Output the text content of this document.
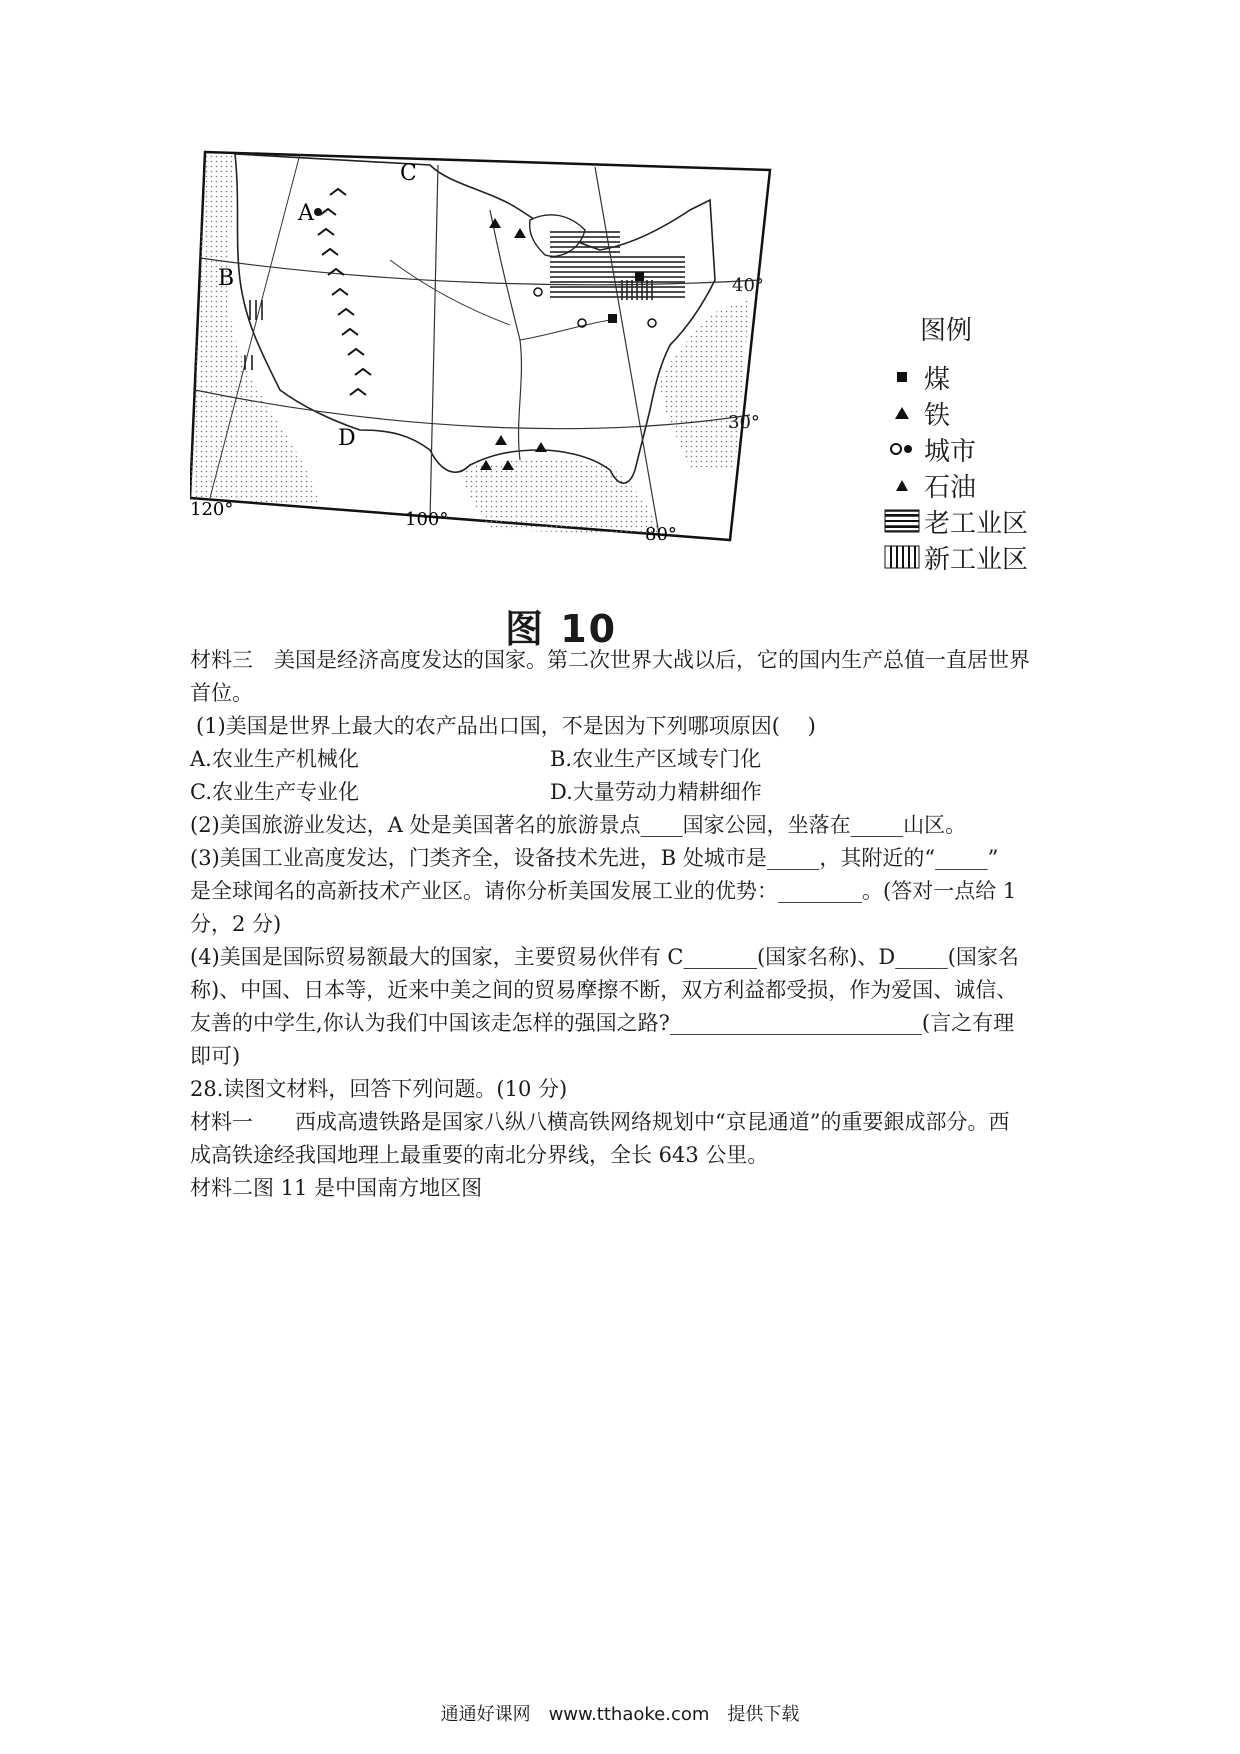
A
B
C
D
120°	100°
80°
40°
30°
图例
煤
铁
城市
石油
老工业区
新工业区
图 10

材料三　美国是经济高度发达的国家。第二次世界大战以后，它的国内生产总值一直居世界

首位。

(1)美国是世界上最大的农产品出口国，不是因为下列哪项原因(　 )

A.农业生产机械化	B.农业生产区域专门化
C.农业生产专业化	D.大量劳动力精耕细作

(2)美国旅游业发达，A 处是美国著名的旅游景点____国家公园，坐落在_____山区。

(3)美国工业高度发达，门类齐全，设备技术先进，B 处城市是_____，其附近的“_____”

是全球闻名的高新技术产业区。请你分析美国发展工业的优势：________。(答对一点给 1

分，2 分)

(4)美国是国际贸易额最大的国家，主要贸易伙伴有 C_______(国家名称)、D_____(国家名

称)、中国、日本等，近来中美之间的贸易摩擦不断，双方利益都受损，作为爱国、诚信、

友善的中学生,你认为我们中国该走怎样的强国之路?________________________(言之有理

即可)

28.读图文材料，回答下列问题。(10 分)

材料一　　西成高遗铁路是国家八纵八横高铁网络规划中“京昆通道”的重要銀成部分。西

成高铁途经我国地理上最重要的南北分界线，全长 643 公里。

材料二图 11 是中国南方地区图

通通好课网　www.tthaoke.com　提供下载
